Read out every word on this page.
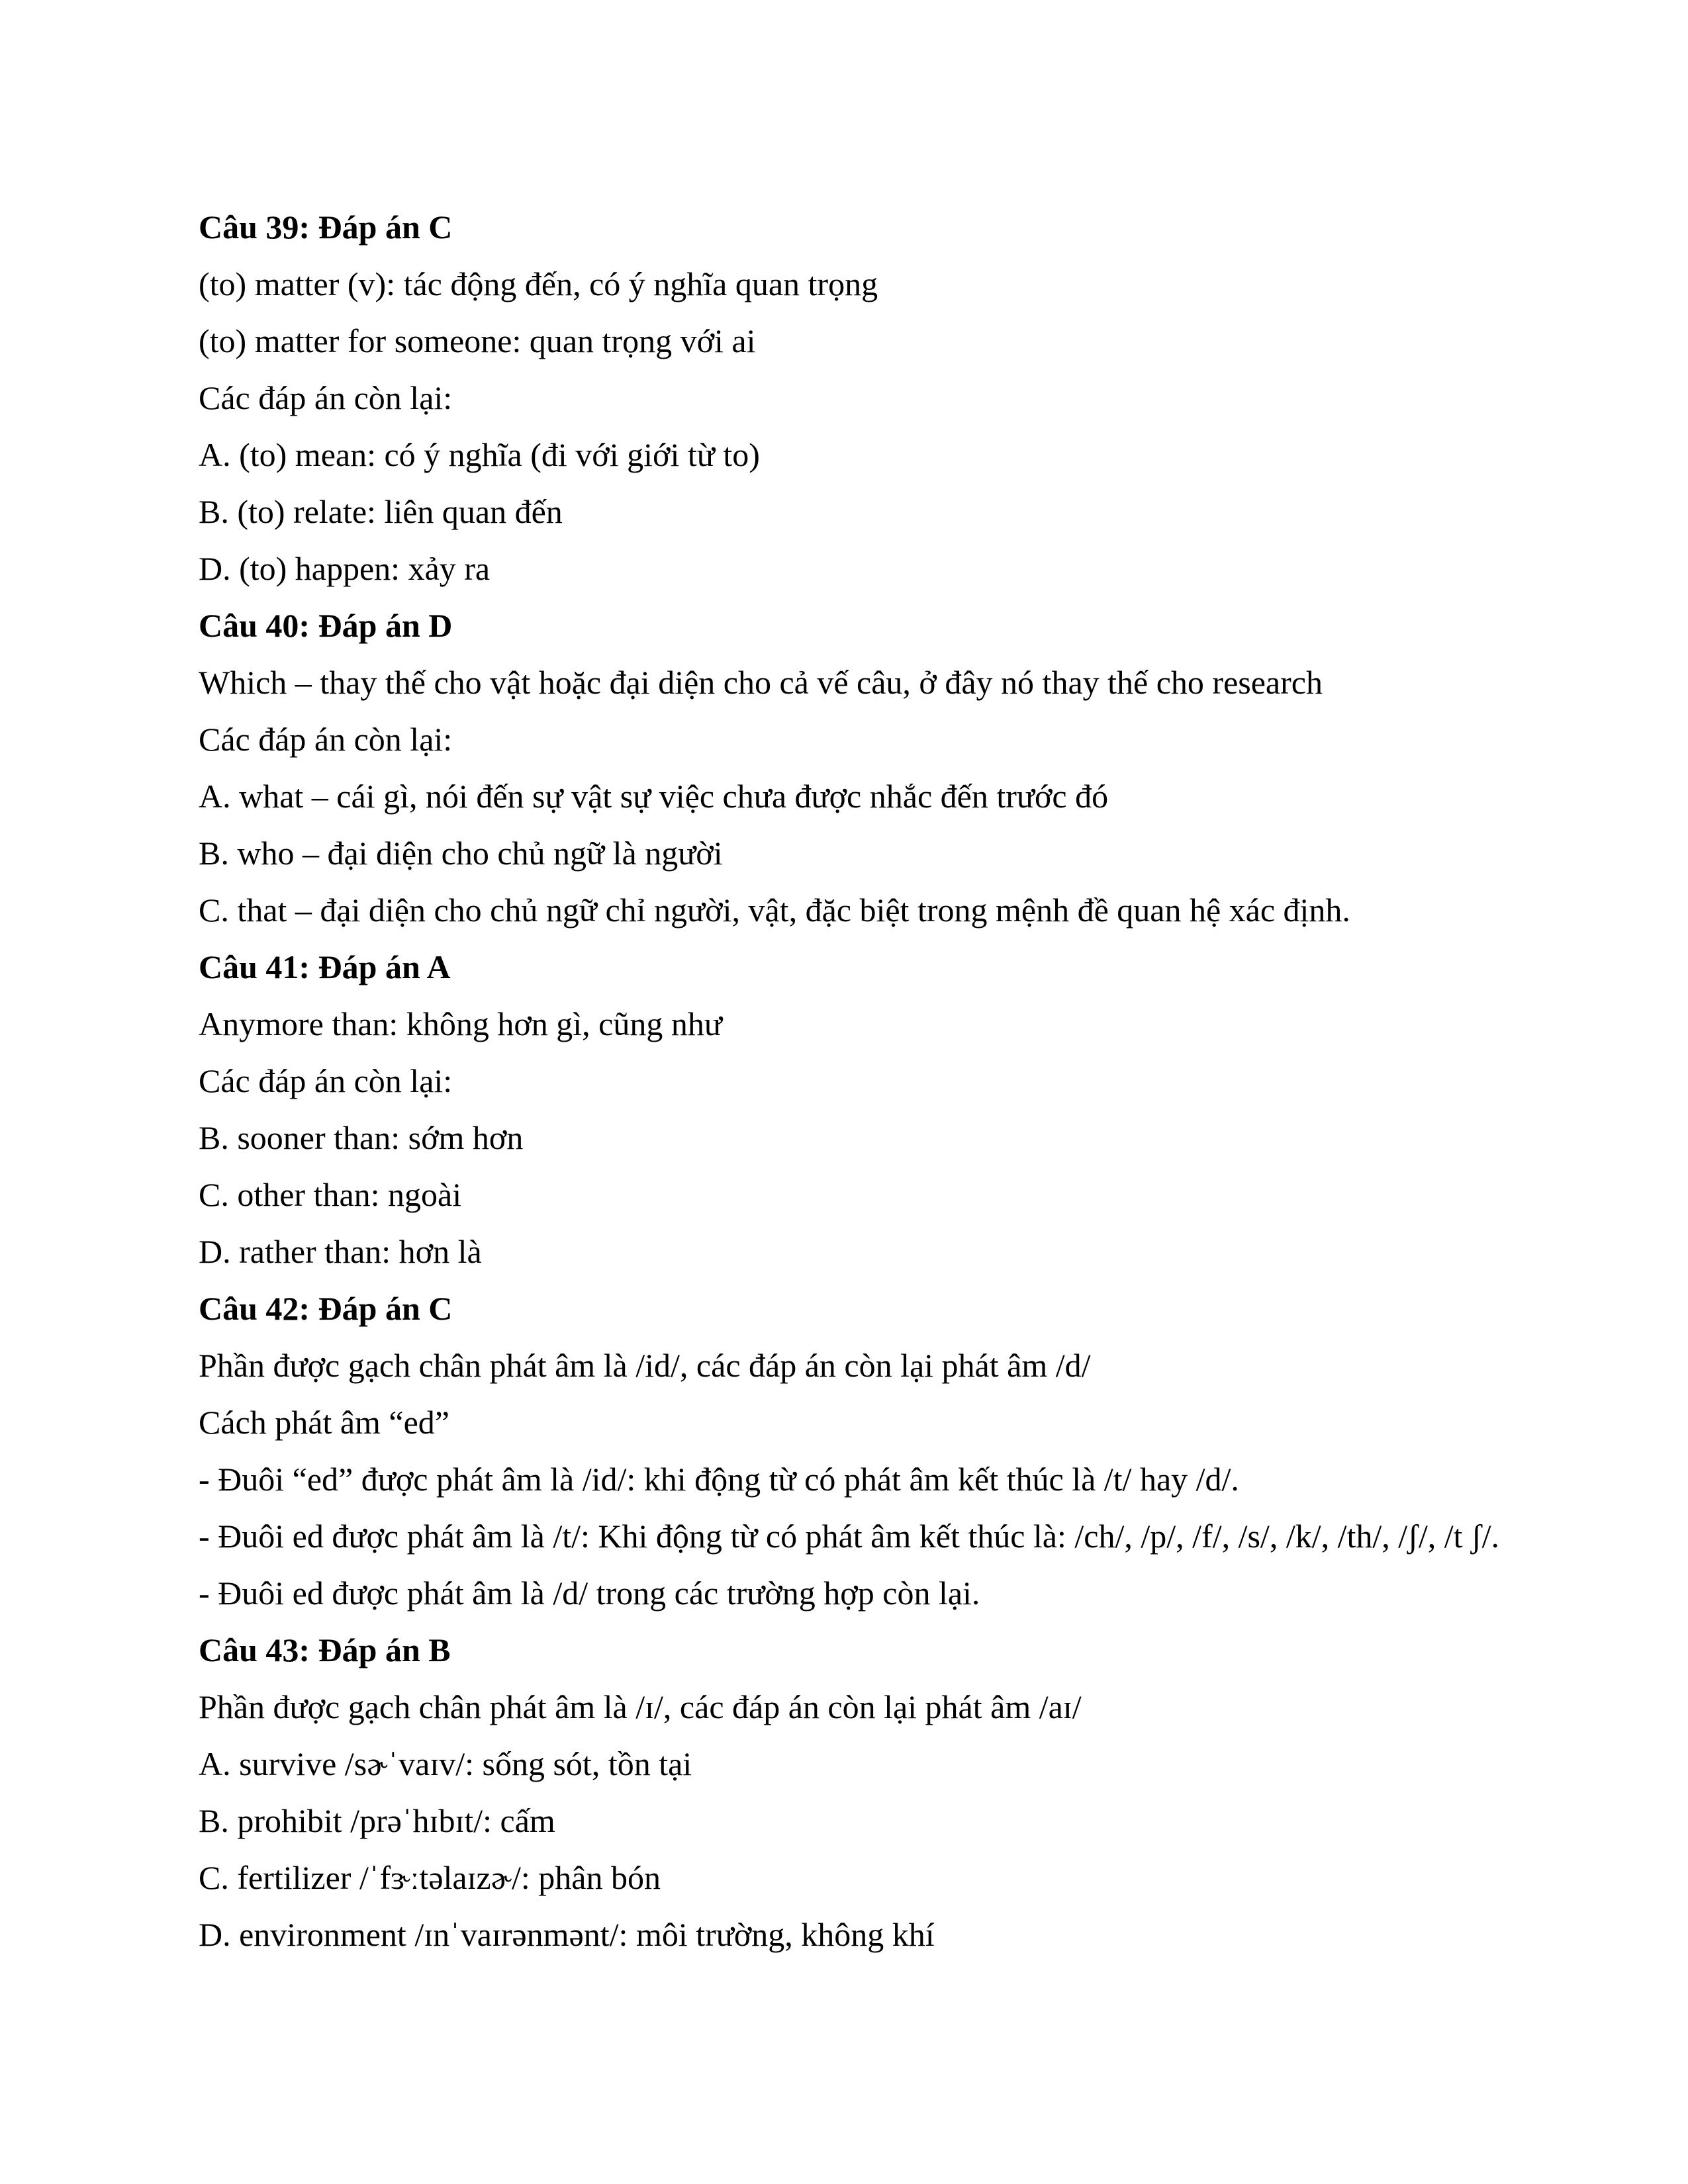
Câu 39: Đáp án C
(to) matter (v): tác động đến, có ý nghĩa quan trọng
(to) matter for someone: quan trọng với ai
Các đáp án còn lại:
A. (to) mean: có ý nghĩa (đi với giới từ to)
B. (to) relate: liên quan đến
D. (to) happen: xảy ra
Câu 40: Đáp án D
Which – thay thế cho vật hoặc đại diện cho cả vế câu, ở đây nó thay thế cho research
Các đáp án còn lại:
A. what – cái gì, nói đến sự vật sự việc chưa được nhắc đến trước đó
B. who – đại diện cho chủ ngữ là người
C. that – đại diện cho chủ ngữ chỉ người, vật, đặc biệt trong mệnh đề quan hệ xác định.
Câu 41: Đáp án A
Anymore than: không hơn gì, cũng như
Các đáp án còn lại:
B. sooner than: sớm hơn
C. other than: ngoài
D. rather than: hơn là
Câu 42: Đáp án C
Phần được gạch chân phát âm là /id/, các đáp án còn lại phát âm /d/
Cách phát âm “ed”
- Đuôi “ed” được phát âm là /id/: khi động từ có phát âm kết thúc là /t/ hay /d/.
- Đuôi ed được phát âm là /t/: Khi động từ có phát âm kết thúc là: /ch/, /p/, /f/, /s/, /k/, /th/, /ʃ/, /t ʃ/.
- Đuôi ed được phát âm là /d/ trong các trường hợp còn lại.
Câu 43: Đáp án B
Phần được gạch chân phát âm là /ɪ/, các đáp án còn lại phát âm /aɪ/
A. survive /sɚˈvaɪv/: sống sót, tồn tại
B. prohibit /prəˈhɪbɪt/: cấm
C. fertilizer /ˈfɝːtəlaɪzɚ/: phân bón
D. environment /ɪnˈvaɪrənmənt/: môi trường, không khí
